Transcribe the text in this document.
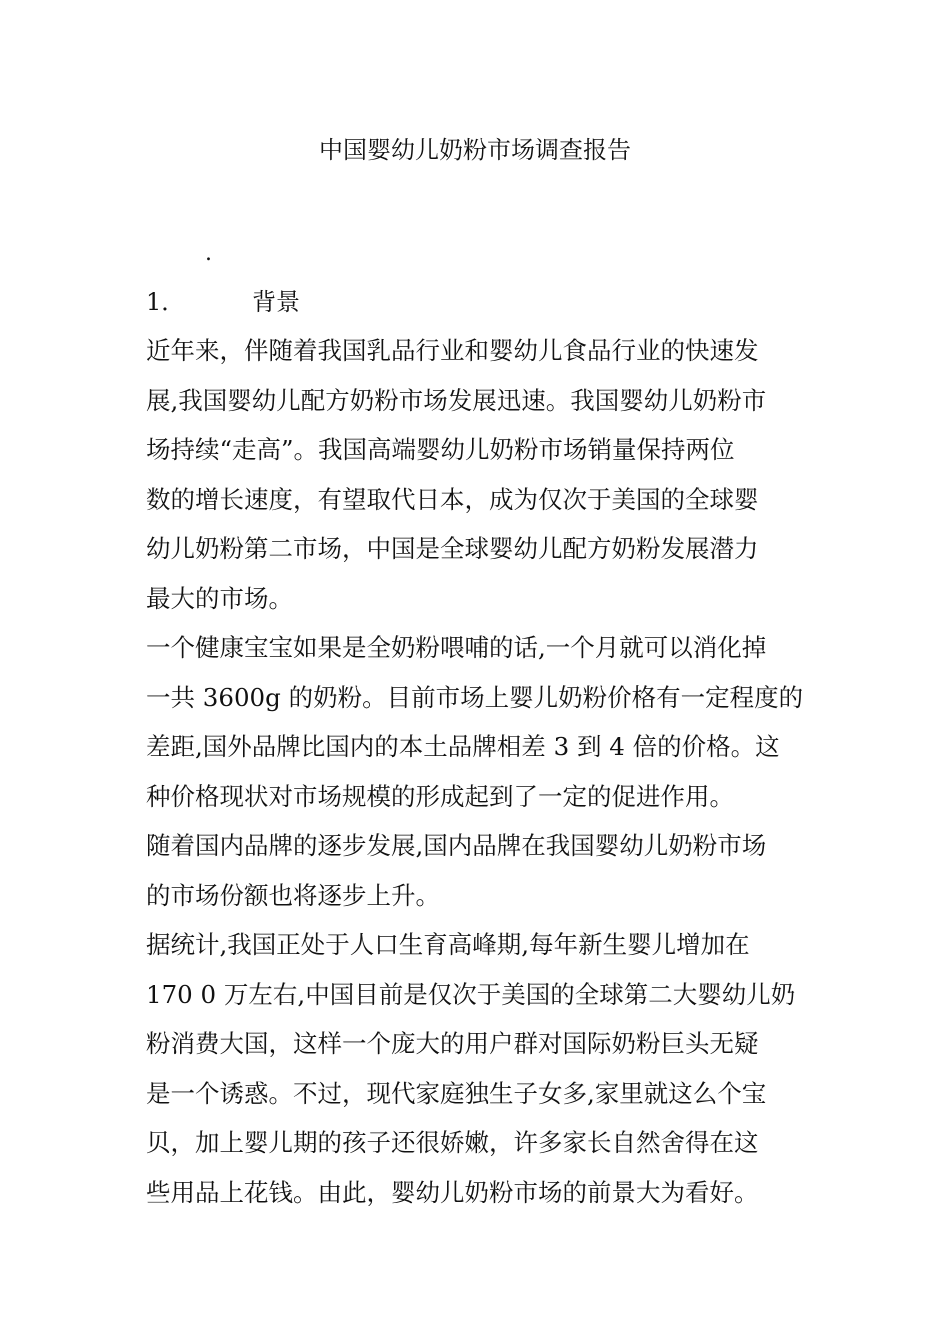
中国婴幼儿奶粉市场调查报告
.
1．	背景
近年来，伴随着我国乳品行业和婴幼儿食品行业的快速发
展,我国婴幼儿配方奶粉市场发展迅速。我国婴幼儿奶粉市
场持续“走高”。我国高端婴幼儿奶粉市场销量保持两位
数的增长速度，有望取代日本，成为仅次于美国的全球婴
幼儿奶粉第二市场，中国是全球婴幼儿配方奶粉发展潜力
最大的市场。
一个健康宝宝如果是全奶粉喂哺的话,一个月就可以消化掉
一共 3600g 的奶粉。目前市场上婴儿奶粉价格有一定程度的
差距,国外品牌比国内的本土品牌相差 3 到 4 倍的价格。这
种价格现状对市场规模的形成起到了一定的促进作用。
随着国内品牌的逐步发展,国内品牌在我国婴幼儿奶粉市场
的市场份额也将逐步上升。
据统计,我国正处于人口生育高峰期,每年新生婴儿增加在
170 0 万左右,中国目前是仅次于美国的全球第二大婴幼儿奶
粉消费大国，这样一个庞大的用户群对国际奶粉巨头无疑
是一个诱惑。不过，现代家庭独生子女多,家里就这么个宝
贝，加上婴儿期的孩子还很娇嫩，许多家长自然舍得在这
些用品上花钱。由此，婴幼儿奶粉市场的前景大为看好。
